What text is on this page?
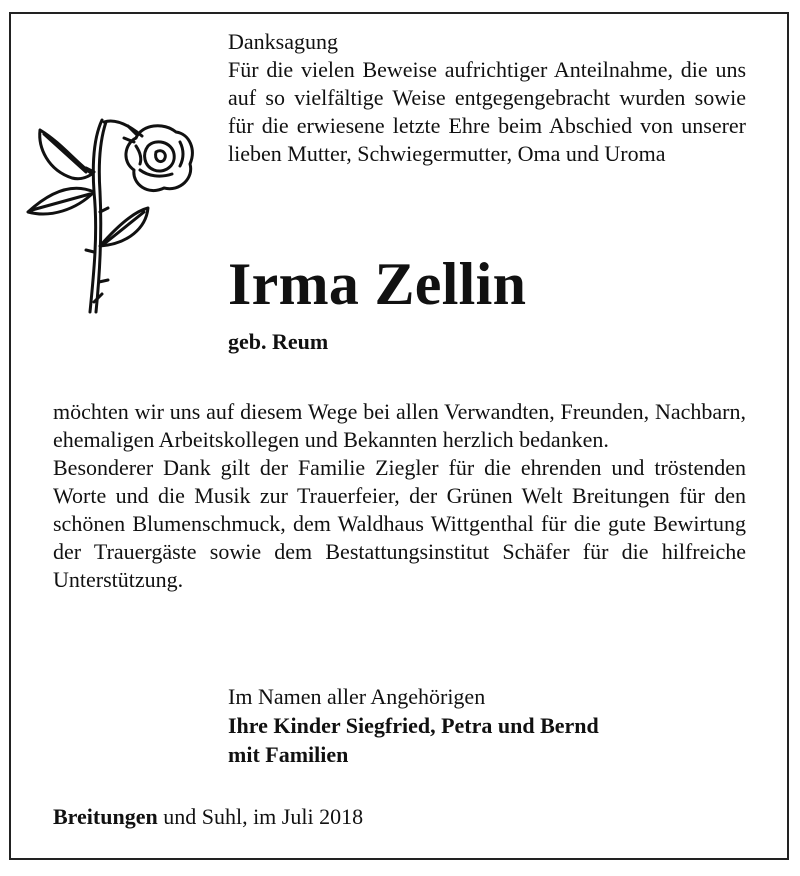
Danksagung

Für die vielen Beweise aufrichtiger Anteilnahme, die uns auf so vielfältige Weise entgegengebracht wurden sowie für die erwiesene letzte Ehre beim Abschied von unserer lieben Mutter, Schwiegermutter, Oma und Uroma

Irma Zellin
geb. Reum

möchten wir uns auf diesem Wege bei allen Verwandten, Freunden, Nachbarn, ehemaligen Arbeitskollegen und Bekannten herzlich bedanken.

Besonderer Dank gilt der Familie Ziegler für die ehrenden und tröstenden Worte und die Musik zur Trauerfeier, der Grünen Welt Breitungen für den schönen Blumenschmuck, dem Waldhaus Wittgenthal für die gute Bewirtung der Trauergäste sowie dem Bestattungsinstitut Schäfer für die hilfreiche Unterstützung.

Im Namen aller Angehörigen
Ihre Kinder Siegfried, Petra und Bernd
mit Familien
Breitungen und Suhl, im Juli 2018
